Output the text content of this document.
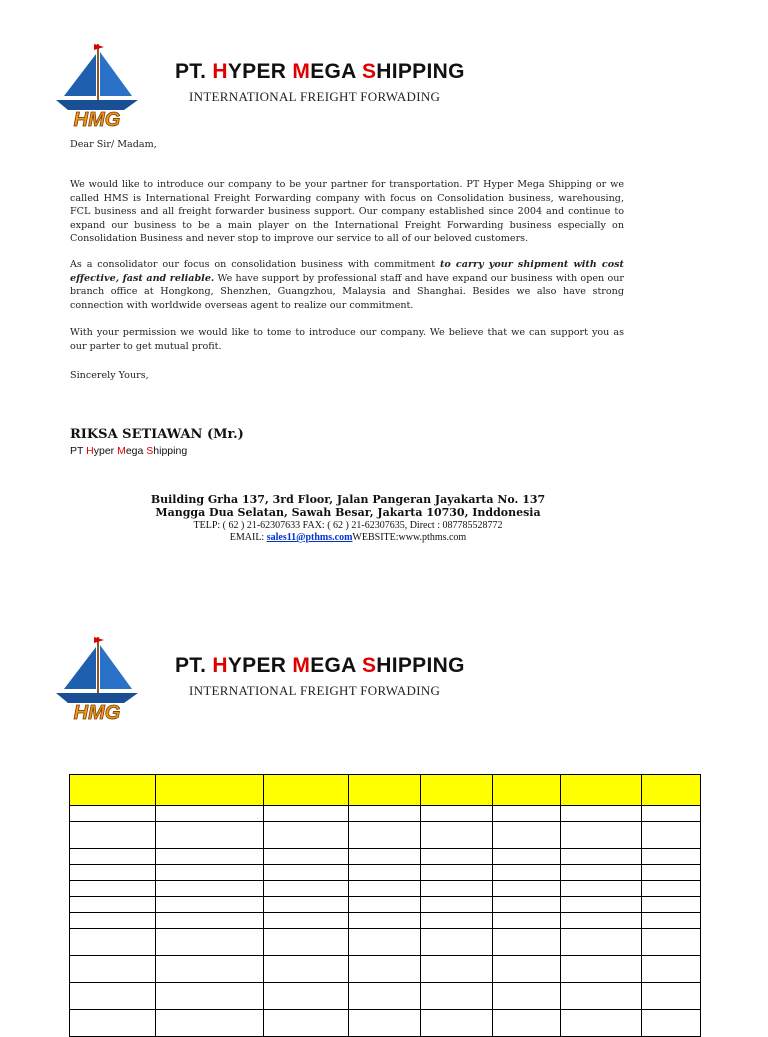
HMG
PT. HYPER MEGA SHIPPING
INTERNATIONAL FREIGHT FORWADING

Dear Sir/ Madam,

We would like to introduce our company to be your partner for transportation. PT Hyper Mega Shipping or we called HMS is International Freight Forwarding company with focus on Consolidation business, warehousing, FCL business and all freight forwarder business support. Our company established since 2004 and continue to expand our business to be a main player on the International Freight Forwarding business especially on Consolidation Business and never stop to improve our service to all of our beloved customers.

As a consolidator our focus on consolidation business with commitment to carry your shipment with cost effective, fast and reliable. We have support by professional staff and have expand our business with open our branch office at Hongkong, Shenzhen, Guangzhou, Malaysia and Shanghai. Besides we also have strong connection with worldwide overseas agent to realize our commitment.

With your permission we would like to tome to introduce our company. We believe that we can support you as our parter to get mutual profit.

Sincerely Yours,

RIKSA SETIAWAN (Mr.)
PT Hyper Mega Shipping
Building Grha 137, 3rd Floor, Jalan Pangeran Jayakarta No. 137
Mangga Dua Selatan, Sawah Besar, Jakarta 10730, Inddonesia
TELP: ( 62 ) 21-62307633 FAX: ( 62 ) 21-62307635, Direct : 087785528772
EMAIL: sales11@pthms.comWEBSITE:www.pthms.com
HMG
PT. HYPER MEGA SHIPPING
INTERNATIONAL FREIGHT FORWADING
